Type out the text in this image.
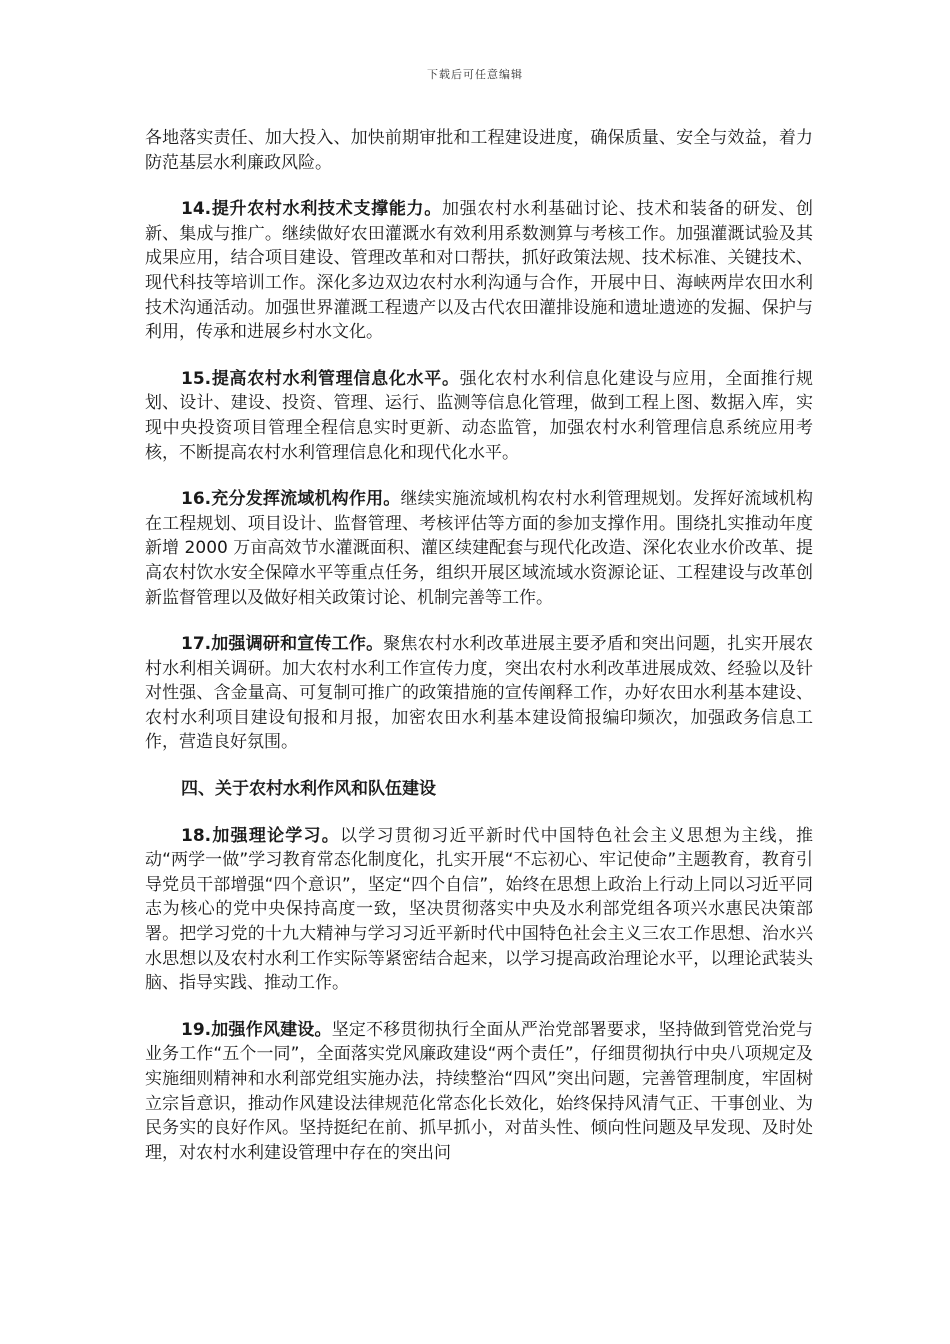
下载后可任意编辑

各地落实责任、加大投入、加快前期审批和工程建设进度，确保质量、安全与效益，着力防范基层水利廉政风险。

14.提升农村水利技术支撑能力。加强农村水利基础讨论、技术和装备的研发、创新、集成与推广。继续做好农田灌溉水有效利用系数测算与考核工作。加强灌溉试验及其成果应用，结合项目建设、管理改革和对口帮扶，抓好政策法规、技术标准、关键技术、现代科技等培训工作。深化多边双边农村水利沟通与合作，开展中日、海峡两岸农田水利技术沟通活动。加强世界灌溉工程遗产以及古代农田灌排设施和遗址遗迹的发掘、保护与利用，传承和进展乡村水文化。

15.提高农村水利管理信息化水平。强化农村水利信息化建设与应用，全面推行规划、设计、建设、投资、管理、运行、监测等信息化管理，做到工程上图、数据入库，实现中央投资项目管理全程信息实时更新、动态监管，加强农村水利管理信息系统应用考核，不断提高农村水利管理信息化和现代化水平。

16.充分发挥流域机构作用。继续实施流域机构农村水利管理规划。发挥好流域机构在工程规划、项目设计、监督管理、考核评估等方面的参加支撑作用。围绕扎实推动年度新增 2000 万亩高效节水灌溉面积、灌区续建配套与现代化改造、深化农业水价改革、提高农村饮水安全保障水平等重点任务，组织开展区域流域水资源论证、工程建设与改革创新监督管理以及做好相关政策讨论、机制完善等工作。

17.加强调研和宣传工作。聚焦农村水利改革进展主要矛盾和突出问题，扎实开展农村水利相关调研。加大农村水利工作宣传力度，突出农村水利改革进展成效、经验以及针对性强、含金量高、可复制可推广的政策措施的宣传阐释工作，办好农田水利基本建设、农村水利项目建设旬报和月报，加密农田水利基本建设简报编印频次，加强政务信息工作，营造良好氛围。

四、关于农村水利作风和队伍建设

18.加强理论学习。以学习贯彻习近平新时代中国特色社会主义思想为主线，推动“两学一做”学习教育常态化制度化，扎实开展“不忘初心、牢记使命”主题教育，教育引导党员干部增强“四个意识”，坚定“四个自信”，始终在思想上政治上行动上同以习近平同志为核心的党中央保持高度一致，坚决贯彻落实中央及水利部党组各项兴水惠民决策部署。把学习党的十九大精神与学习习近平新时代中国特色社会主义三农工作思想、治水兴水思想以及农村水利工作实际等紧密结合起来，以学习提高政治理论水平，以理论武装头脑、指导实践、推动工作。

19.加强作风建设。坚定不移贯彻执行全面从严治党部署要求，坚持做到管党治党与业务工作“五个一同”，全面落实党风廉政建设“两个责任”，仔细贯彻执行中央八项规定及实施细则精神和水利部党组实施办法，持续整治“四风”突出问题，完善管理制度，牢固树立宗旨意识，推动作风建设法律规范化常态化长效化，始终保持风清气正、干事创业、为民务实的良好作风。坚持挺纪在前、抓早抓小，对苗头性、倾向性问题及早发现、及时处理，对农村水利建设管理中存在的突出问
